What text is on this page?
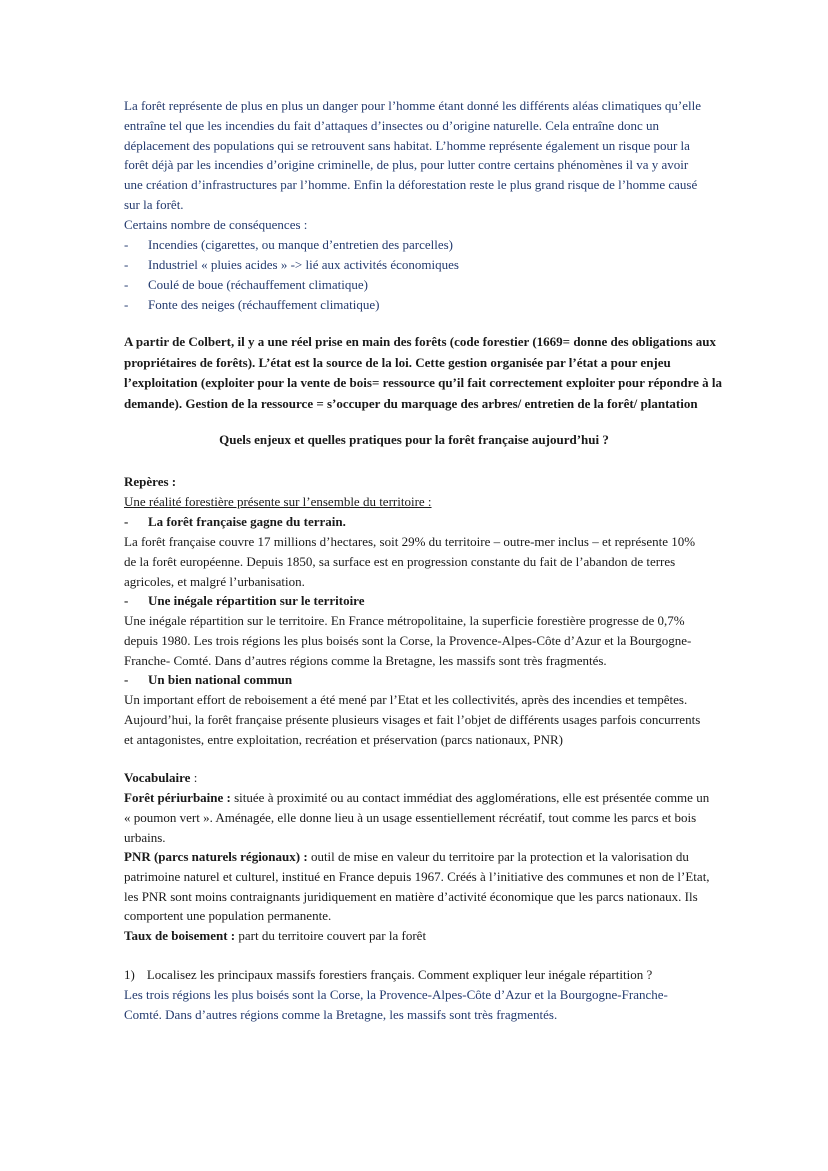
La forêt représente de plus en plus un danger pour l’homme étant donné les différents aléas climatiques qu’elle
entraîne tel que les incendies du fait d’attaques d’insectes ou d’origine naturelle. Cela entraîne donc un
déplacement des populations qui se retrouvent sans habitat. L’homme représente également un risque pour la
forêt déjà par les incendies d’origine criminelle, de plus, pour lutter contre certains phénomènes il va y avoir
une création d’infrastructures par l’homme. Enfin la déforestation reste le plus grand risque de l’homme causé
sur la forêt.
Certains nombre de conséquences :
- Incendies (cigarettes, ou manque d’entretien des parcelles)
- Industriel « pluies acides » -> lié aux activités économiques
- Coulé de boue (réchauffement climatique)
- Fonte des neiges (réchauffement climatique)
A partir de Colbert, il y a une réel prise en main des forêts (code forestier (1669= donne des obligations aux
propriétaires de forêts). L’état est la source de la loi. Cette gestion organisée par l’état a pour enjeu
l’exploitation (exploiter pour la vente de bois= ressource qu’il fait correctement exploiter pour répondre à la
demande). Gestion de la ressource = s’occuper du marquage des arbres/ entretien de la forêt/ plantation
Quels enjeux et quelles pratiques pour la forêt française aujourd’hui ?
Repères :
Une réalité forestière présente sur l’ensemble du territoire :
- La forêt française gagne du terrain.
La forêt française couvre 17 millions d’hectares, soit 29% du territoire – outre-mer inclus – et représente 10%
de la forêt européenne. Depuis 1850, sa surface est en progression constante du fait de l’abandon de terres
agricoles, et malgré l’urbanisation.
- Une inégale répartition sur le territoire
Une inégale répartition sur le territoire. En France métropolitaine, la superficie forestière progresse de 0,7%
depuis 1980. Les trois régions les plus boisés sont la Corse, la Provence-Alpes-Côte d’Azur et la Bourgogne-
Franche- Comté. Dans d’autres régions comme la Bretagne, les massifs sont très fragmentés.
- Un bien national commun
Un important effort de reboisement a été mené par l’Etat et les collectivités, après des incendies et tempêtes.
Aujourd’hui, la forêt française présente plusieurs visages et fait l’objet de différents usages parfois concurrents
et antagonistes, entre exploitation, recréation et préservation (parcs nationaux, PNR)
Vocabulaire :
Forêt périurbaine : située à proximité ou au contact immédiat des agglomérations, elle est présentée comme un
« poumon vert ». Aménagée, elle donne lieu à un usage essentiellement récréatif, tout comme les parcs et bois
urbains.
PNR (parcs naturels régionaux) : outil de mise en valeur du territoire par la protection et la valorisation du
patrimoine naturel et culturel, institué en France depuis 1967. Créés à l’initiative des communes et non de l’Etat,
les PNR sont moins contraignants juridiquement en matière d’activité économique que les parcs nationaux. Ils
comportent une population permanente.
Taux de boisement : part du territoire couvert par la forêt
1) Localisez les principaux massifs forestiers français. Comment expliquer leur inégale répartition ?
Les trois régions les plus boisés sont la Corse, la Provence-Alpes-Côte d’Azur et la Bourgogne-Franche-
Comté. Dans d’autres régions comme la Bretagne, les massifs sont très fragmentés.
